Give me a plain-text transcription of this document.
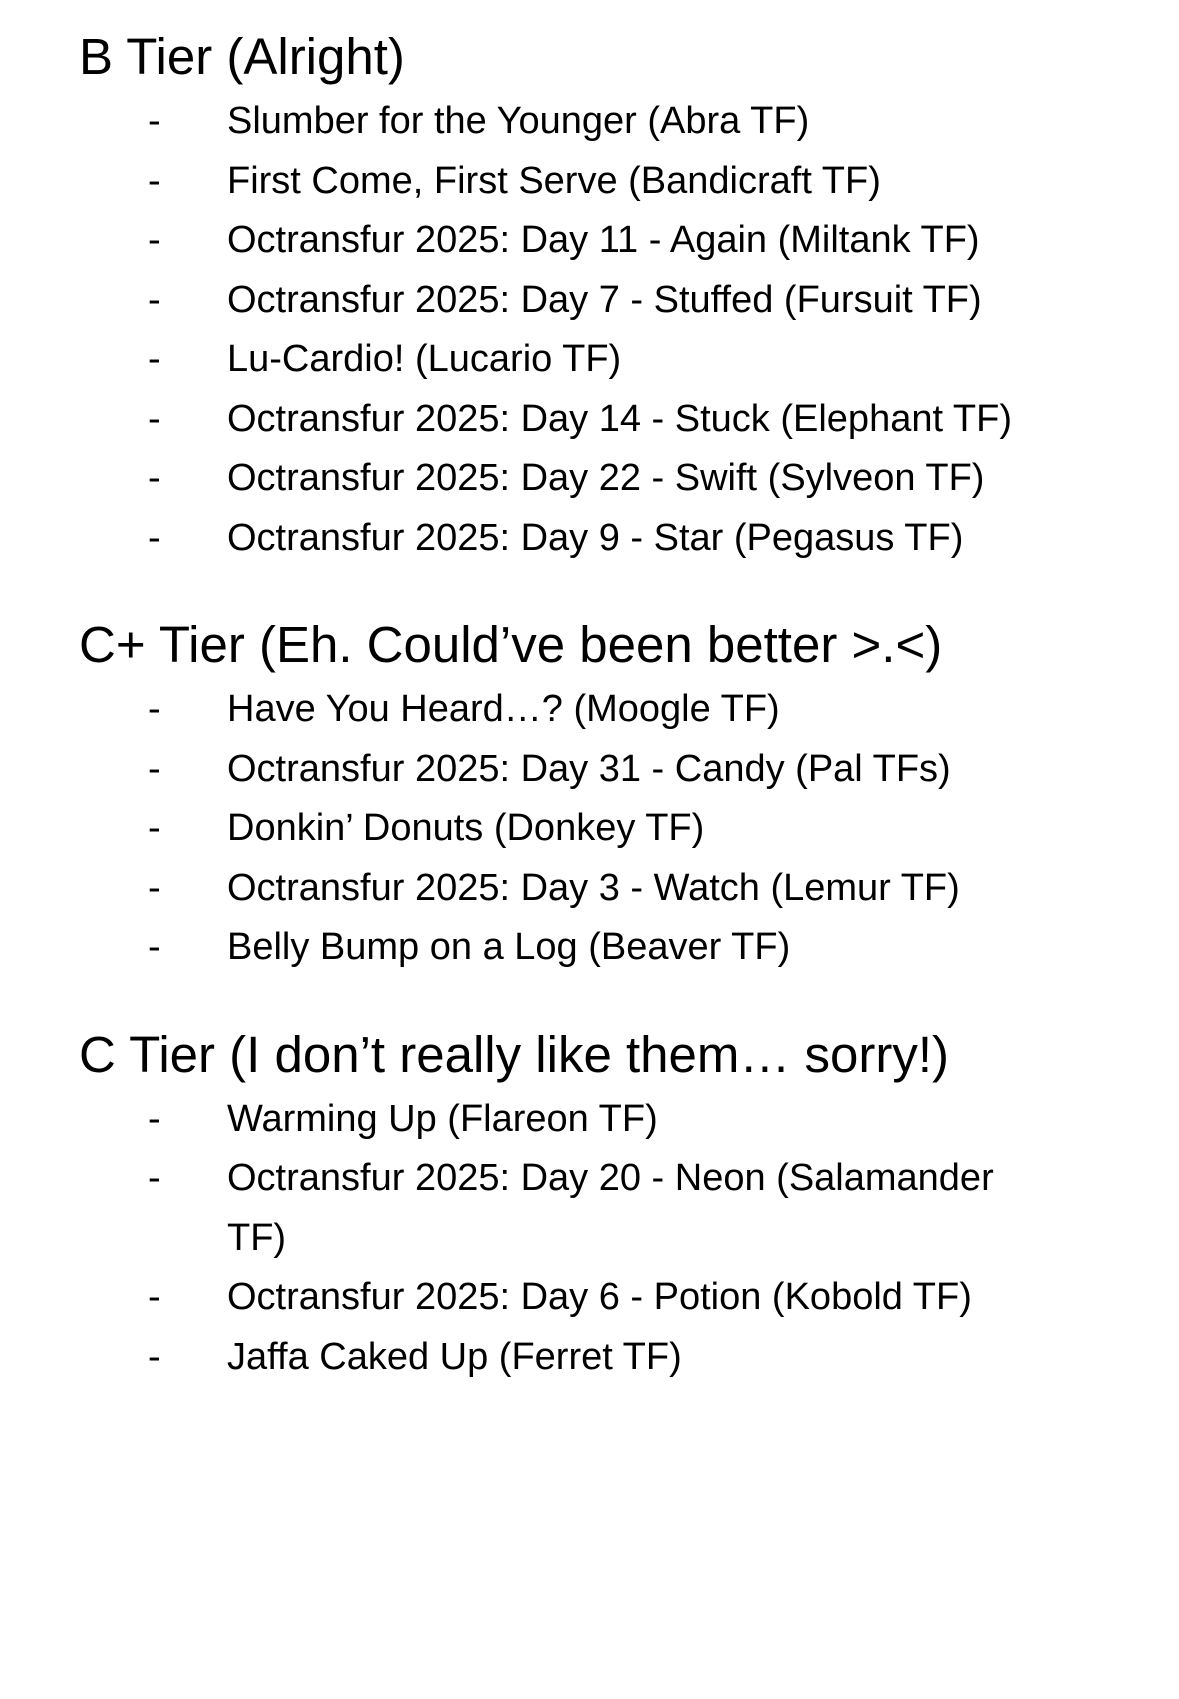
B Tier (Alright)
- Slumber for the Younger (Abra TF)
- First Come, First Serve (Bandicraft TF)
- Octransfur 2025: Day 11 - Again (Miltank TF)
- Octransfur 2025: Day 7 - Stuffed (Fursuit TF)
- Lu-Cardio! (Lucario TF)
- Octransfur 2025: Day 14 - Stuck (Elephant TF)
- Octransfur 2025: Day 22 - Swift (Sylveon TF)
- Octransfur 2025: Day 9 - Star (Pegasus TF)
C+ Tier (Eh. Could’ve been better >.<)
- Have You Heard…? (Moogle TF)
- Octransfur 2025: Day 31 - Candy (Pal TFs)
- Donkin’ Donuts (Donkey TF)
- Octransfur 2025: Day 3 - Watch (Lemur TF)
- Belly Bump on a Log (Beaver TF)
C Tier (I don’t really like them… sorry!)
- Warming Up (Flareon TF)
- Octransfur 2025: Day 20 - Neon (Salamander TF)
- Octransfur 2025: Day 6 - Potion (Kobold TF)
- Jaffa Caked Up (Ferret TF)
